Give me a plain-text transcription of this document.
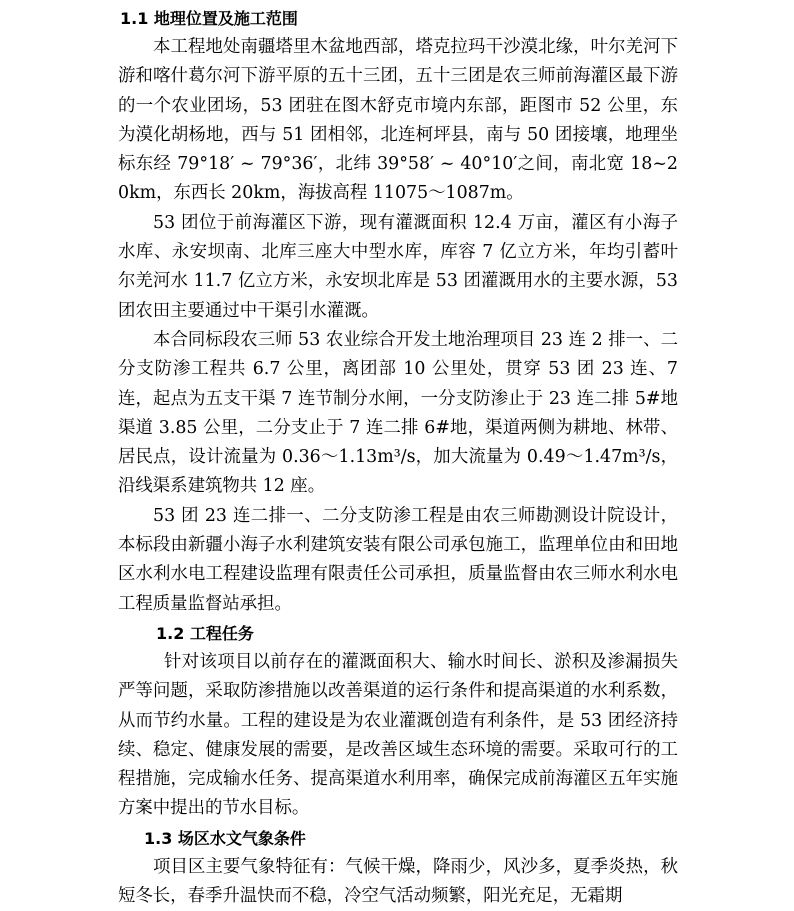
1.1 地理位置及施工范围

本工程地处南疆塔里木盆地西部，塔克拉玛干沙漠北缘，叶尔羌河下游和喀什葛尔河下游平原的五十三团，五十三团是农三师前海灌区最下游的一个农业团场，53 团驻在图木舒克市境内东部，距图市 52 公里，东为漠化胡杨地，西与 51 团相邻，北连柯坪县，南与 50 团接壤，地理坐标东经 79°18′ ~ 79°36′，北纬 39°58′ ~ 40°10′之间，南北宽 18~20km，东西长 20km，海拔高程 11075～1087m。

53 团位于前海灌区下游，现有灌溉面积 12.4 万亩，灌区有小海子水库、永安坝南、北库三座大中型水库，库容 7 亿立方米，年均引蓄叶尔羌河水 11.7 亿立方米，永安坝北库是 53 团灌溉用水的主要水源，53 团农田主要通过中干渠引水灌溉。

本合同标段农三师 53 农业综合开发土地治理项目 23 连 2 排一、二分支防渗工程共 6.7 公里，离团部 10 公里处，贯穿 53 团 23 连、7 连，起点为五支干渠 7 连节制分水闸，一分支防渗止于 23 连二排 5#地渠道 3.85 公里，二分支止于 7 连二排 6#地，渠道两侧为耕地、林带、居民点，设计流量为 0.36～1.13m³/s，加大流量为 0.49～1.47m³/s，沿线渠系建筑物共 12 座。

53 团 23 连二排一、二分支防渗工程是由农三师勘测设计院设计，本标段由新疆小海子水利建筑安装有限公司承包施工，监理单位由和田地区水利水电工程建设监理有限责任公司承担，质量监督由农三师水利水电工程质量监督站承担。

1.2 工程任务

针对该项目以前存在的灌溉面积大、输水时间长、淤积及渗漏损失严等问题，采取防渗措施以改善渠道的运行条件和提高渠道的水利系数，从而节约水量。工程的建设是为农业灌溉创造有利条件，是 53 团经济持续、稳定、健康发展的需要，是改善区域生态环境的需要。采取可行的工程措施，完成输水任务、提高渠道水利用率，确保完成前海灌区五年实施方案中提出的节水目标。

1.3 场区水文气象条件

项目区主要气象特征有：气候干燥，降雨少，风沙多，夏季炎热，秋短冬长，春季升温快而不稳，冷空气活动频繁，阳光充足，无霜期
